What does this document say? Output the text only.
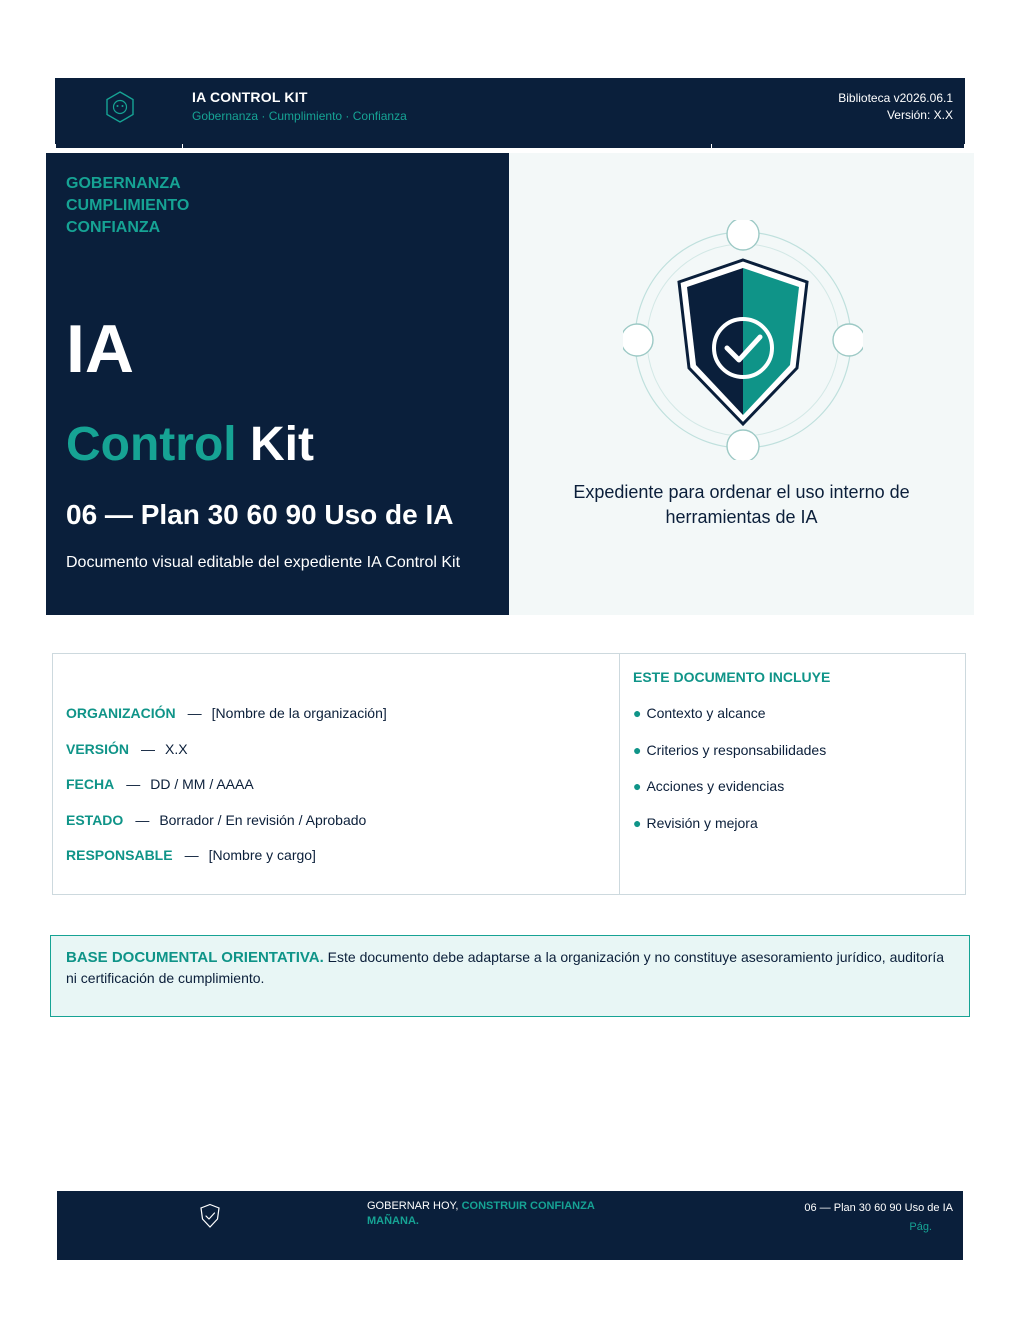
IA CONTROL KIT
Gobernanza · Cumplimiento · Confianza
Biblioteca v2026.06.1
Versión: X.X
GOBERNANZA
CUMPLIMIENTO
CONFIANZA
IA
Control Kit
06 — Plan 30 60 90 Uso de IA
Documento visual editable del expediente IA Control Kit
Expediente para ordenar el uso interno de herramientas de IA
ORGANIZACIÓN — [Nombre de la organización]
VERSIÓN — X.X
FECHA — DD / MM / AAAA
ESTADO — Borrador / En revisión / Aprobado
RESPONSABLE — [Nombre y cargo]
ESTE DOCUMENTO INCLUYE
● Contexto y alcance
● Criterios y responsabilidades
● Acciones y evidencias
● Revisión y mejora
BASE DOCUMENTAL ORIENTATIVA. Este documento debe adaptarse a la organización y no constituye asesoramiento jurídico, auditoría ni certificación de cumplimiento.
GOBERNAR HOY, CONSTRUIR CONFIANZA MAÑANA.
06 — Plan 30 60 90 Uso de IA
Pág.
